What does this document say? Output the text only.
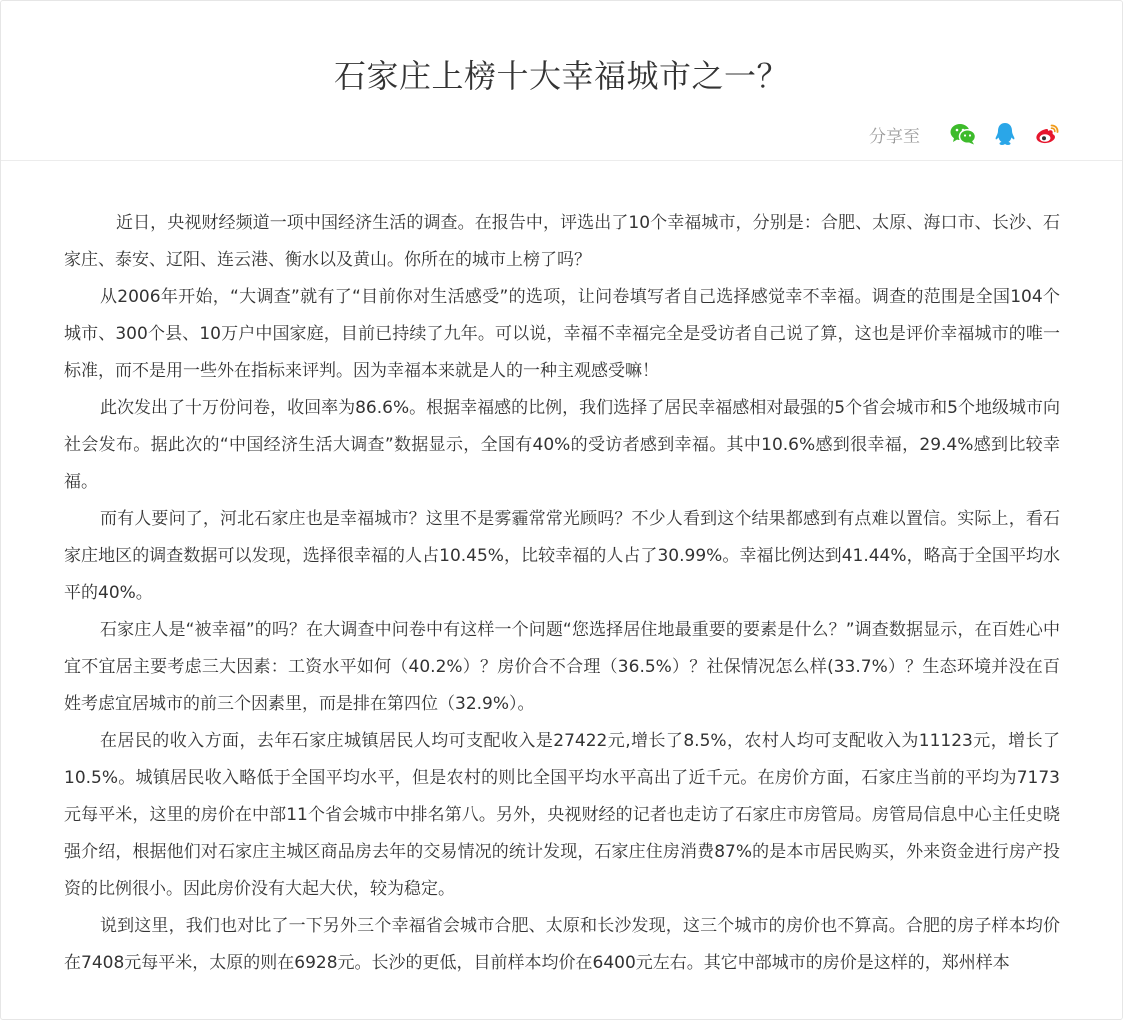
石家庄上榜十大幸福城市之一？
分享至

近日，央视财经频道一项中国经济生活的调查。在报告中，评选出了10个幸福城市，分别是：合肥、太原、海口市、长沙、石家庄、泰安、辽阳、连云港、衡水以及黄山。你所在的城市上榜了吗？

从2006年开始，“大调查”就有了“目前你对生活感受”的选项，让问卷填写者自己选择感觉幸不幸福。调查的范围是全国104个城市、300个县、10万户中国家庭，目前已持续了九年。可以说，幸福不幸福完全是受访者自己说了算，这也是评价幸福城市的唯一标准，而不是用一些外在指标来评判。因为幸福本来就是人的一种主观感受嘛！

此次发出了十万份问卷，收回率为86.6%。根据幸福感的比例，我们选择了居民幸福感相对最强的5个省会城市和5个地级城市向社会发布。据此次的“中国经济生活大调查”数据显示，全国有40%的受访者感到幸福。其中10.6%感到很幸福，29.4%感到比较幸福。

而有人要问了，河北石家庄也是幸福城市？这里不是雾霾常常光顾吗？不少人看到这个结果都感到有点难以置信。实际上，看石家庄地区的调查数据可以发现，选择很幸福的人占10.45%，比较幸福的人占了30.99%。幸福比例达到41.44%，略高于全国平均水平的40%。

石家庄人是“被幸福”的吗？在大调查中问卷中有这样一个问题“您选择居住地最重要的要素是什么？”调查数据显示，在百姓心中宜不宜居主要考虑三大因素：工资水平如何（40.2%）？房价合不合理（36.5%）？社保情况怎么样(33.7%）？生态环境并没在百姓考虑宜居城市的前三个因素里，而是排在第四位（32.9%）。

在居民的收入方面，去年石家庄城镇居民人均可支配收入是27422元,增长了8.5%，农村人均可支配收入为11123元，增长了10.5%。城镇居民收入略低于全国平均水平，但是农村的则比全国平均水平高出了近千元。在房价方面，石家庄当前的平均为7173元每平米，这里的房价在中部11个省会城市中排名第八。另外，央视财经的记者也走访了石家庄市房管局。房管局信息中心主任史晓强介绍，根据他们对石家庄主城区商品房去年的交易情况的统计发现，石家庄住房消费87%的是本市居民购买，外来资金进行房产投资的比例很小。因此房价没有大起大伏，较为稳定。

说到这里，我们也对比了一下另外三个幸福省会城市合肥、太原和长沙发现，这三个城市的房价也不算高。合肥的房子样本均价在7408元每平米，太原的则在6928元。长沙的更低，目前样本均价在6400元左右。其它中部城市的房价是这样的，郑州样本
